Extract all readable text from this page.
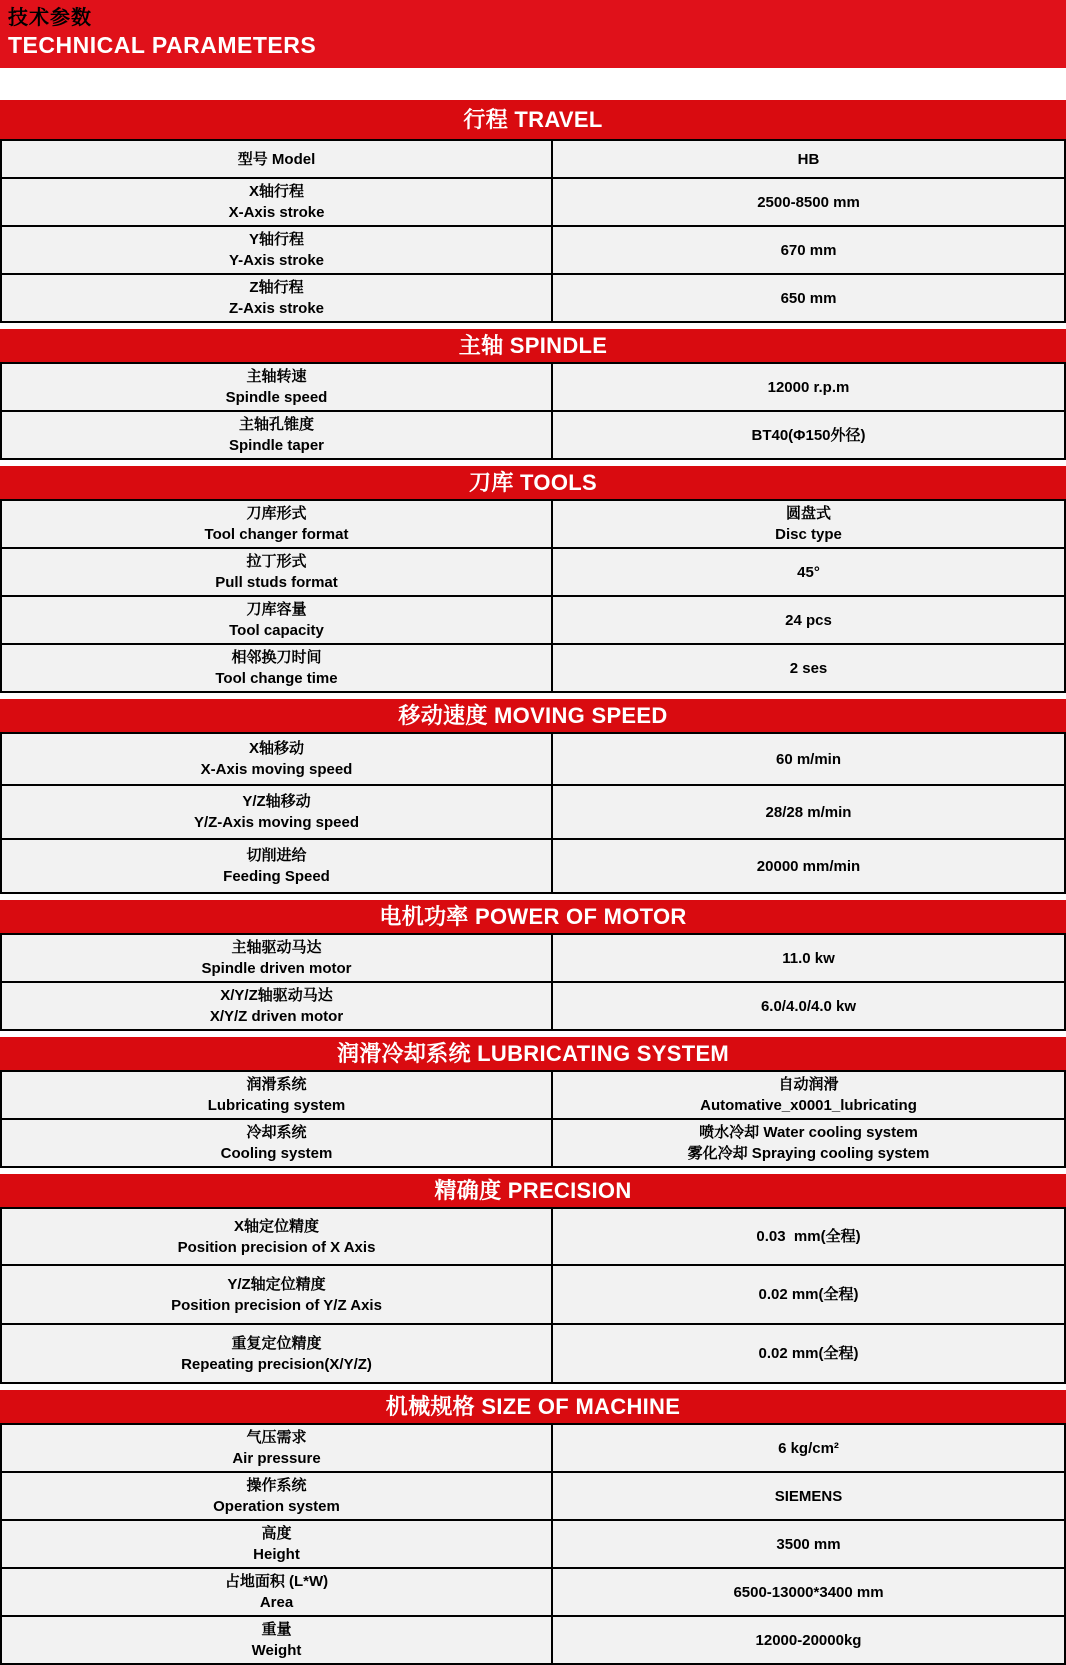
技术参数
TECHNICAL PARAMETERS
行程 TRAVEL
型号 Model	HB
X轴行程
X-Axis stroke
2500-8500 mm
Y轴行程
Y-Axis stroke
670 mm
Z轴行程
Z-Axis stroke
650 mm
主轴 SPINDLE
主轴转速
Spindle speed
12000 r.p.m
主轴孔锥度
Spindle taper
BT40(Φ150外径)
刀库 TOOLS
刀库形式
Tool changer format
圆盘式
Disc type
拉丁形式
Pull studs format
45°
刀库容量
Tool capacity
24 pcs
相邻换刀时间
Tool change time
2 ses
移动速度 MOVING SPEED
X轴移动
X-Axis moving speed
60 m/min
Y/Z轴移动
Y/Z-Axis moving speed
28/28 m/min
切削进给
Feeding Speed
20000 mm/min
电机功率 POWER OF MOTOR
主轴驱动马达
Spindle driven motor
11.0 kw
X/Y/Z轴驱动马达
X/Y/Z driven motor
6.0/4.0/4.0 kw
润滑冷却系统 LUBRICATING SYSTEM
润滑系统
Lubricating system
自动润滑
Automative_x0001_lubricating
冷却系统
Cooling system
喷水冷却 Water cooling system
雾化冷却 Spraying cooling system
精确度 PRECISION
X轴定位精度
Position precision of X Axis
0.03  mm(全程)
Y/Z轴定位精度
Position precision of Y/Z Axis
0.02 mm(全程)
重复定位精度
Repeating precision(X/Y/Z)
0.02 mm(全程)
机械规格 SIZE OF MACHINE
气压需求
Air pressure
6 kg/cm²
操作系统
Operation system
SIEMENS
高度
Height
3500 mm
占地面积 (L*W)
Area
6500-13000*3400 mm
重量
Weight
12000-20000kg
